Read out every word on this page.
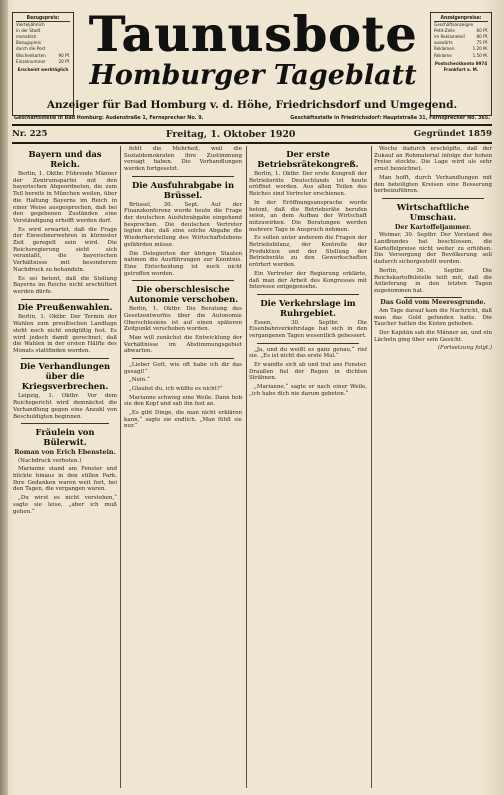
Bezugspreis:
Vierteljährlich
in der Stadt
monatlich
Bezugspreis
durch die Post
Wochenkarten	90 Pf.
Einzelnummer	20 Pf.
Erscheint werktäglich
Anzeigenpreise:
Geschäftsanzeigen
Petit-Zeile	60 Pf.
im Reklameteil	80 Pf.
auswärts	75 Pf.
Reklamen	1.20 M.
Reklame	1.50 M.
Postscheckkonto 8974 Frankfurt a. M.
Taunusbote
Homburger Tageblatt
Anzeiger für Bad Homburg v. d. Höhe, Friedrichsdorf und Umgegend.
Geschäftsstelle in Bad Homburg: Audenstraße 1, Fernsprecher No. 9.	Geschäftsstelle in Friedrichsdorf: Hauptstraße 31, Fernsprecher No. 365.
Nr. 225	Freitag, 1. Oktober 1920	Gegründet 1859
Bayern und das Reich.

Berlin, 1. Oktbr. Führende Männer der Zentrumspartei mit den bayerischen Abgeordneten, die zum Teil bereits in München weilen, über die Haltung Bayerns im Reich in einer Weise ausgesprochen, daß bei den gegebenen Zuständen eine Verständigung erhofft werden darf.

Es wird erwartet, daß die Frage der Einwohnerwehren in kürzester Zeit geregelt sein wird. Die Reichsregierung sieht sich veranlaßt, die bayerischen Verhältnisse mit besonderem Nachdruck zu behandeln.

Es sei betont, daß die Stellung Bayerns im Reiche nicht erschüttert werden dürfe.

Die Preußenwahlen.

Berlin, 1. Oktbr. Der Termin der Wahlen zum preußischen Landtage steht noch nicht endgültig fest. Es wird jedoch damit gerechnet, daß die Wahlen in der ersten Hälfte des Monats stattfinden werden.

Die Verhandlungen über die Kriegsverbrechen.

Leipzig, 1. Oktbr. Vor dem Reichsgericht wird demnächst die Verhandlung gegen eine Anzahl von Beschuldigten beginnen.

Fräulein von Bülerwit.
Roman von Erich Ebenstein.

(Nachdruck verboten.)

Marianne stand am Fenster und blickte hinaus in den stillen Park. Ihre Gedanken waren weit fort, bei den Tagen, die vergangen waren.

„Du wirst es nicht verstehen,“ sagte sie leise, „aber ich muß gehen.“

fehlt die Mehrheit, weil die Sozialdemokraten ihre Zustimmung versagt haben. Die Verhandlungen werden fortgesetzt.

Die Ausfuhrabgabe in Brüssel.

Brüssel, 30. Sept. Auf der Finanzkonferenz wurde heute die Frage der deutschen Ausfuhrabgabe eingehend besprochen. Die deutschen Vertreter legten dar, daß eine solche Abgabe die Wiederherstellung des Wirtschaftslebens gefährden müsse.

Die Delegierten der übrigen Staaten nahmen die Ausführungen zur Kenntnis. Eine Entscheidung ist noch nicht getroffen worden.

Die oberschlesische Autonomie verschoben.

Berlin, 1. Oktbr. Die Beratung des Gesetzentwurfes über die Autonomie Oberschlesiens ist auf einen späteren Zeitpunkt verschoben worden.

Man will zunächst die Entwicklung der Verhältnisse im Abstimmungsgebiet abwarten.

„Lieber Gott, wie oft habe ich dir das gesagt!“

„Nein.“

„Glaubst du, ich wüßte es nicht?“

Marianne schwieg eine Weile. Dann hob sie den Kopf und sah ihn fest an.

„Es gibt Dinge, die man nicht erklären kann,“ sagte sie endlich. „Man fühlt sie nur.“

Der erste Betriebsrätekongreß.

Berlin, 1. Oktbr. Der erste Kongreß der Betriebsräte Deutschlands ist heute eröffnet worden. Aus allen Teilen des Reiches sind Vertreter erschienen.

In der Eröffnungsansprache wurde betont, daß die Betriebsräte berufen seien, an dem Aufbau der Wirtschaft mitzuwirken. Die Beratungen werden mehrere Tage in Anspruch nehmen.

Es sollen unter anderem die Fragen der Betriebsbilanz, der Kontrolle der Produktion und der Stellung der Betriebsräte zu den Gewerkschaften erörtert werden.

Ein Vertreter der Regierung erklärte, daß man der Arbeit des Kongresses mit Interesse entgegensehe.

Die Verkehrslage im Ruhrgebiet.

Essen, 30. Septbr. Die Eisenbahnverkehrslage hat sich in den vergangenen Tagen wesentlich gebessert.

„Ja, und du weißt es ganz genau,“ rief sie. „Es ist nicht das erste Mal.“

Er wandte sich ab und trat ans Fenster. Draußen fiel der Regen in dichten Strähnen.

„Marianne,“ sagte er nach einer Weile, „ich habe dich nie darum gebeten.“

Woche dadurch erschöpfte, daß der Zukauf an Rohmaterial infolge der hohen Preise stockte. Die Lage wird als sehr ernst bezeichnet.

Man hofft, durch Verhandlungen mit den beteiligten Kreisen eine Besserung herbeizuführen.

Wirtschaftliche Umschau.
Der Kartoffeljammer.

Weimar, 30. Septbr. Der Vorstand des Landbundes hat beschlossen, die Kartoffelpreise nicht weiter zu erhöhen. Die Versorgung der Bevölkerung soll dadurch sichergestellt werden.

Berlin, 30. Septbr. Die Reichskartoffelstelle teilt mit, daß die Anlieferung in den letzten Tagen zugenommen hat.

Das Gold vom Meeresgrunde.

Am Tage darauf kam die Nachricht, daß man das Gold gefunden hatte. Die Taucher hatten die Kisten gehoben.

Der Kapitän sah die Männer an, und ein Lächeln ging über sein Gesicht.

(Fortsetzung folgt.)
